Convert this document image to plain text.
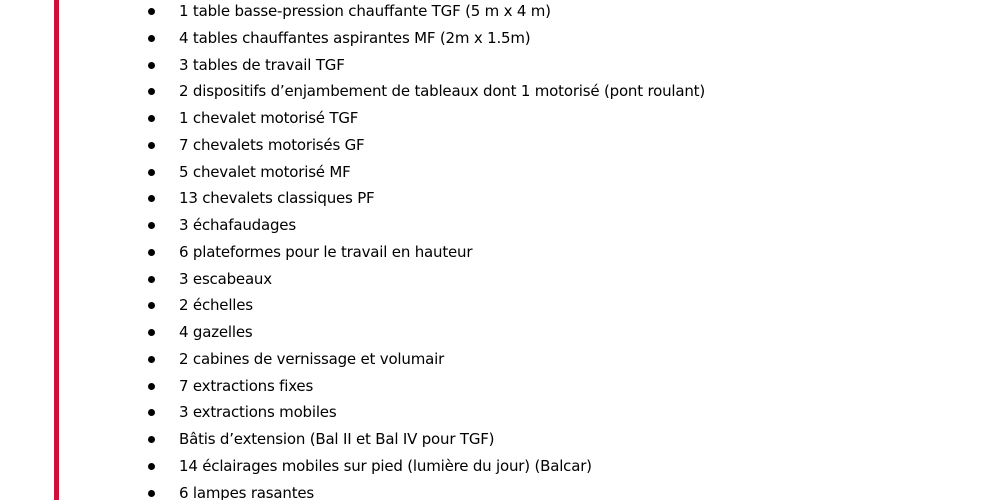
1 table basse-pression chauffante TGF (5 m x 4 m)
4 tables chauffantes aspirantes MF (2m x 1.5m)
3 tables de travail TGF
2 dispositifs d’enjambement de tableaux dont 1 motorisé (pont roulant)
1 chevalet motorisé TGF
7 chevalets motorisés GF
5 chevalet motorisé MF
13 chevalets classiques PF
3 échafaudages
6 plateformes pour le travail en hauteur
3 escabeaux
2 échelles
4 gazelles
2 cabines de vernissage et volumair
7 extractions fixes
3 extractions mobiles
Bâtis d’extension (Bal II et Bal IV pour TGF)
14 éclairages mobiles sur pied (lumière du jour) (Balcar)
6 lampes rasantes
